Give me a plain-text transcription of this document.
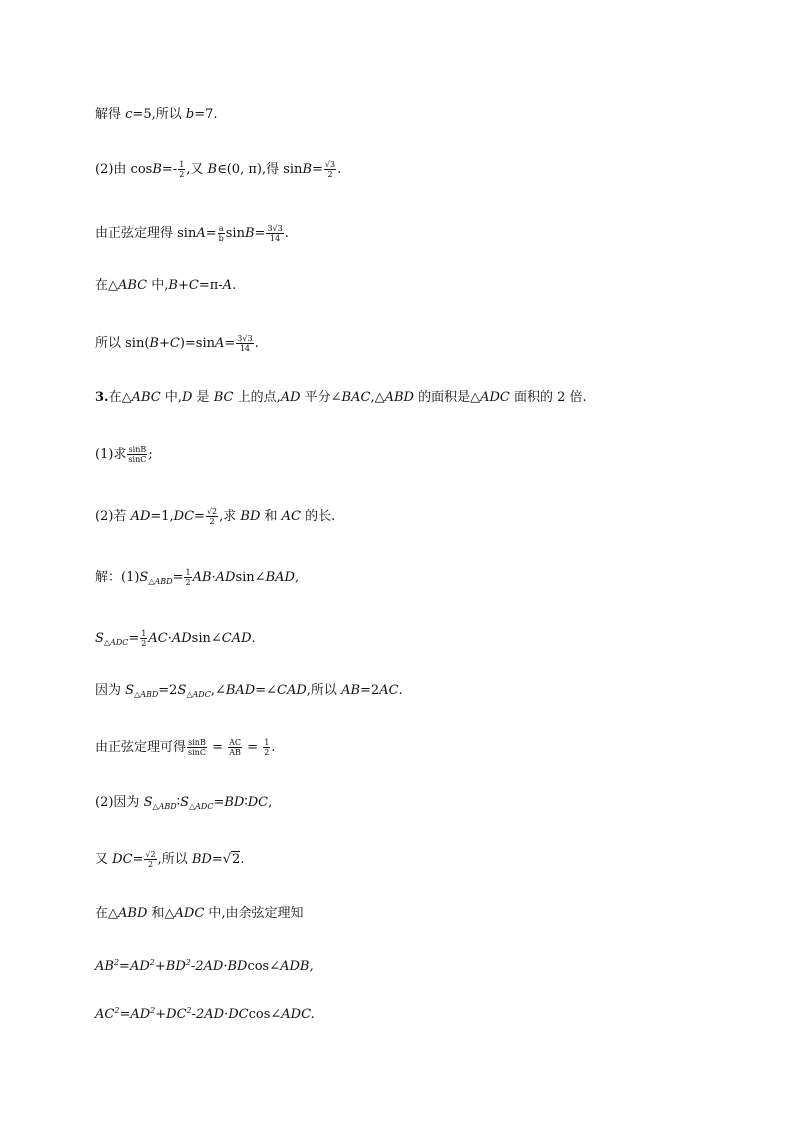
解得 c=5,所以 b=7.
(2)由 $\cos B=- \frac{1}{2}$ ,又 B∈(0, π),得 $\sin B= \frac{√3}{2}$ .
由正弦定理得 $\sin A= \frac{a}{b} \sin B= \frac{3√3}{14}$ .
在△ABC 中,B+C=π-A.
所以 $\sin(B+C)=\sin A= \frac{3√3}{14}$ .
3.在△ABC 中,D 是 BC 上的点,AD 平分∠BAC,△ABD 的面积是△ADC 面积的 2 倍.
(1)求 $\frac{\sin B}{\sin C}$ ;
(2)若 $AD=1,DC= \frac{√2}{2}$ ,求 BD 和 AC 的长.
解：$(1)S_{\triangle ABD}= \frac{1}{2}$ AB·ADsin∠BAD,
$S_{\triangle ADC}= \frac{1}{2}$ AC·ADsin∠CAD.
因为 $S_{\triangle ABD}=2S_{\triangle ADC},\angle BAD=\angle CAD$,所以 AB=2AC.
由正弦定理可得 $\frac{\sin B}{\sin C} = \frac{AC}{AB} = \frac{1}{2}$ .
(2)因为 $S_{\triangle ABD}∶S_{\triangle ADC}=BD∶DC$,
又 $DC= \frac{√2}{2}$ ,所以 BD=√2.
在△ABD 和△ADC 中,由余弦定理知
$AB^2=AD^2+BD^2-2AD\cdot BDcos\angle ADB$,
$AC^2=AD^2+DC^2-2AD\cdot DCcos\angle ADC$.
